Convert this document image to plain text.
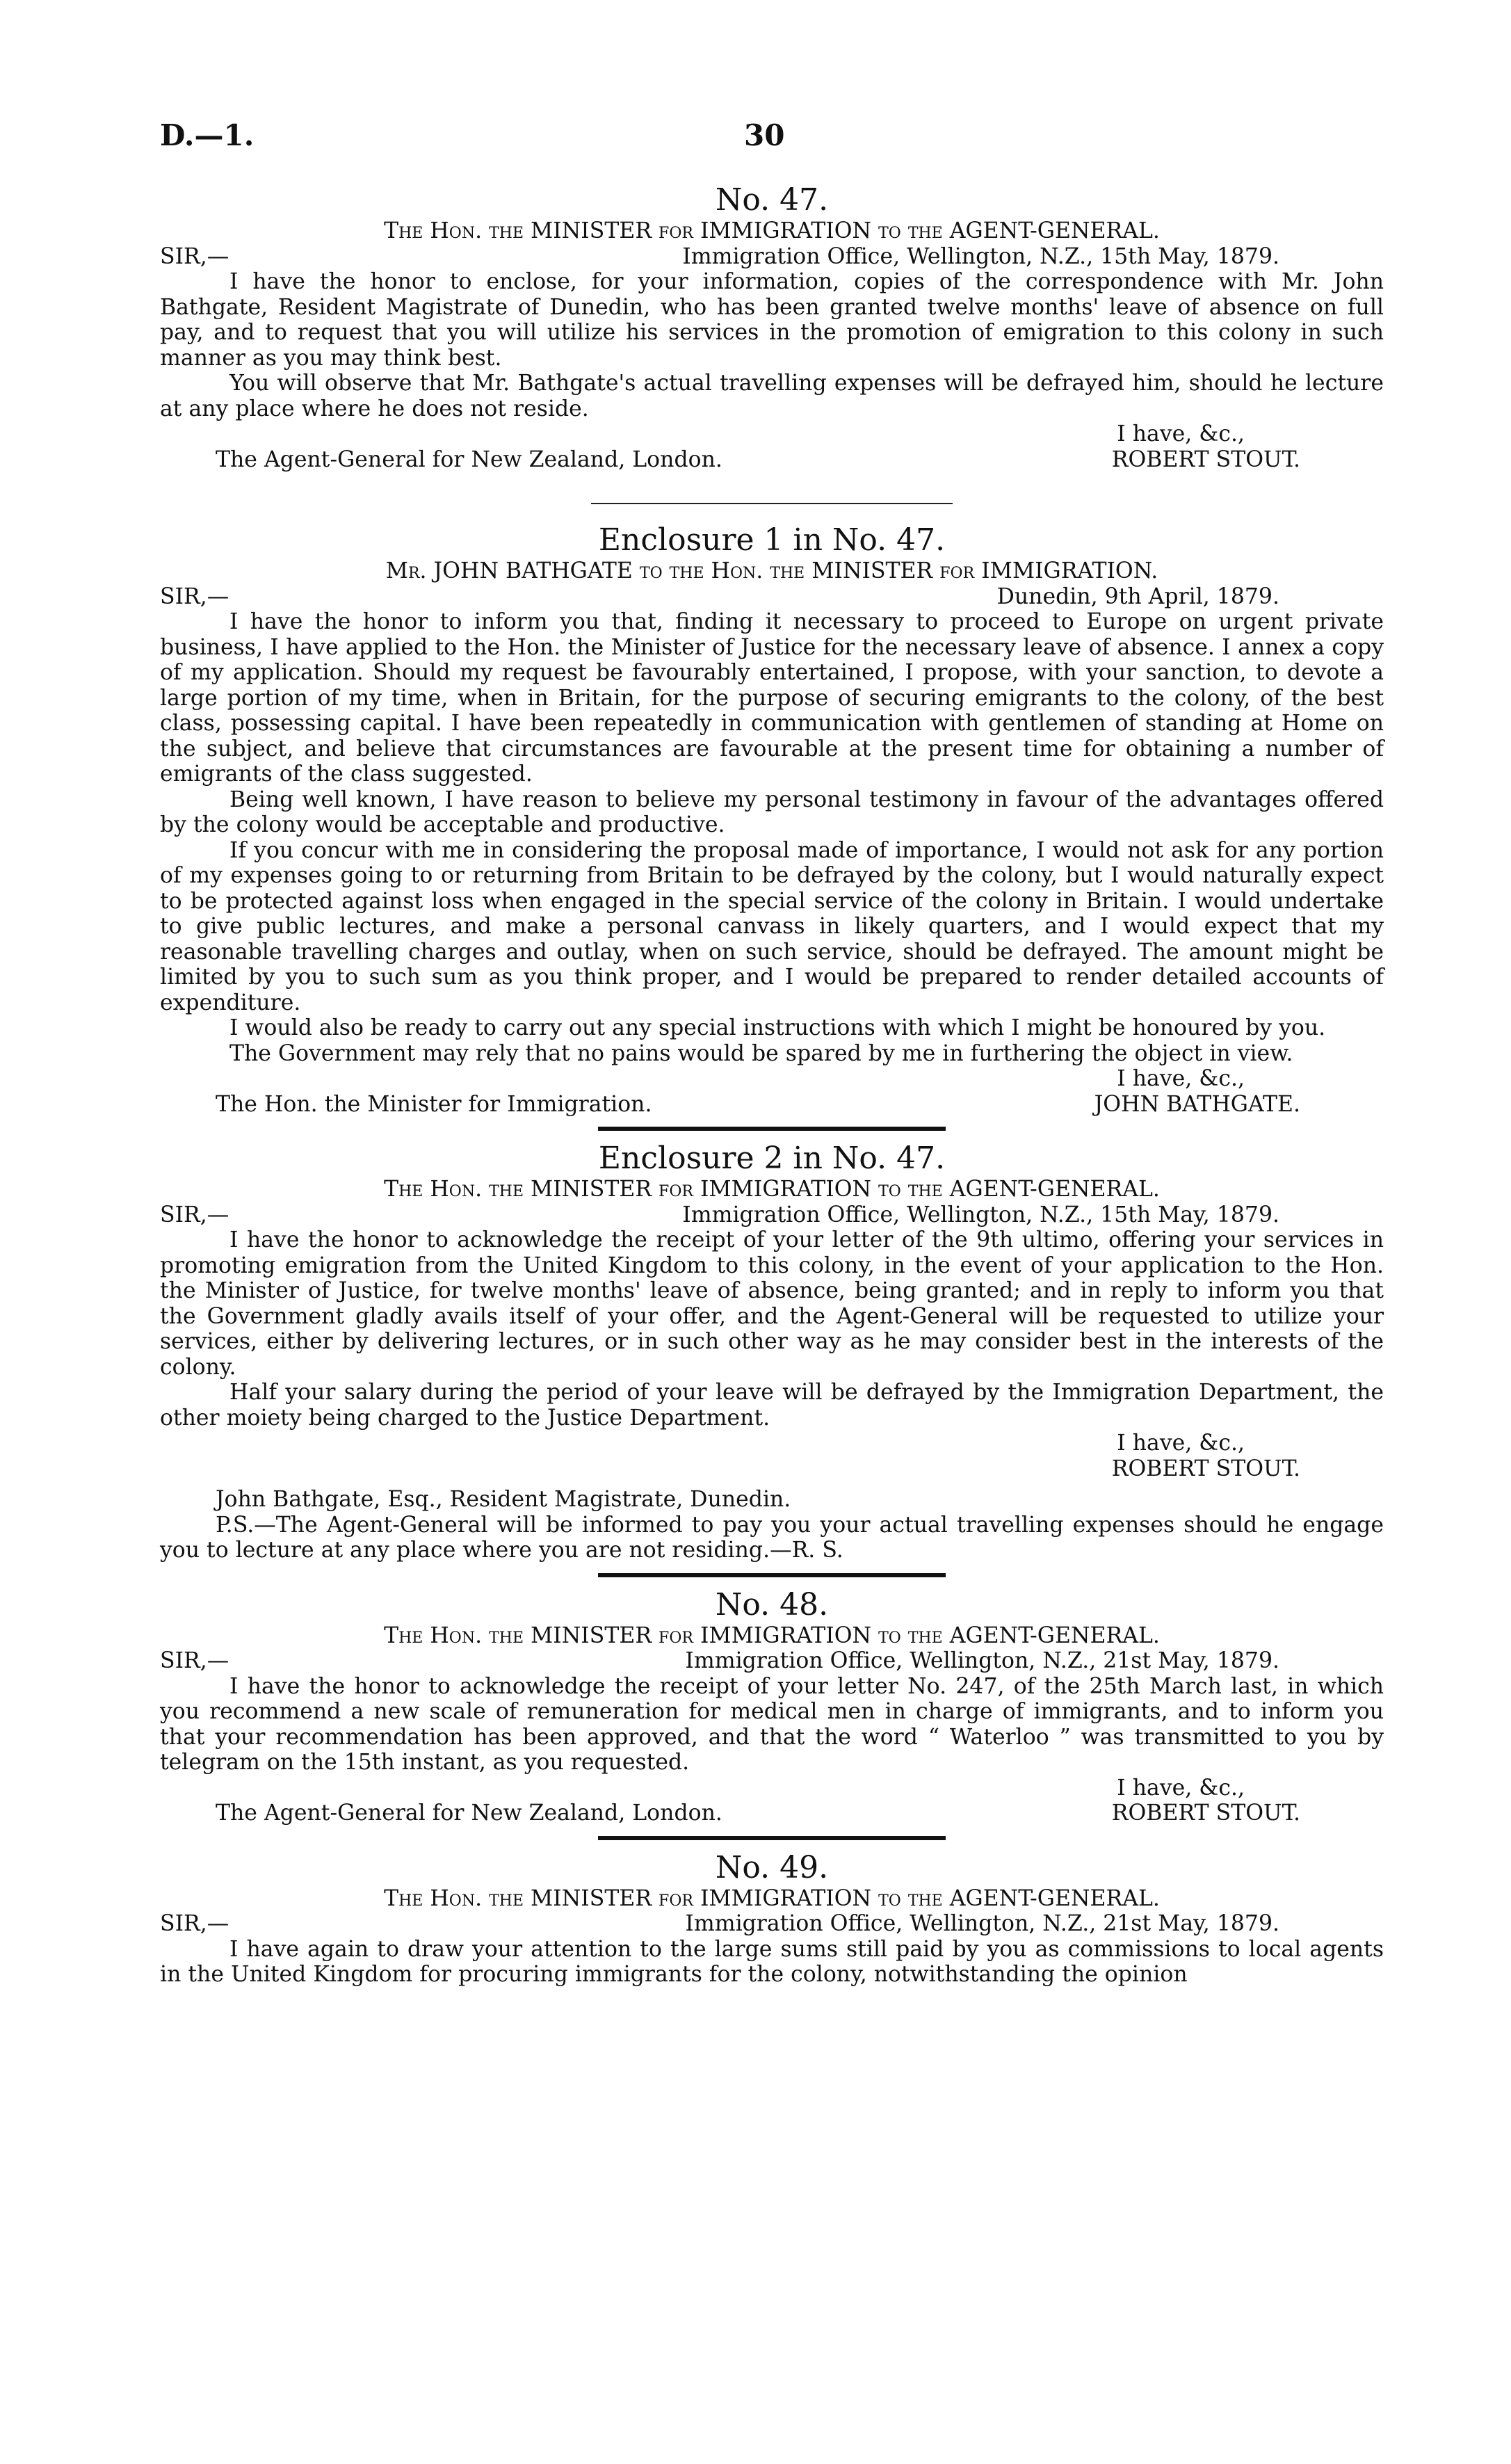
D.—1.	30

No. 47.

The Hon. the MINISTER for IMMIGRATION to the AGENT-GENERAL.

SIR,—	Immigration Office, Wellington, N.Z., 15th May, 1879.

I have the honor to enclose, for your information, copies of the correspondence with Mr. John Bathgate, Resident Magistrate of Dunedin, who has been granted twelve months' leave of absence on full pay, and to request that you will utilize his services in the promotion of emigration to this colony in such manner as you may think best.

You will observe that Mr. Bathgate's actual travelling expenses will be defrayed him, should he lecture at any place where he does not reside.

I have, &c.,

The Agent-General for New Zealand, London.	ROBERT STOUT.

Enclosure 1 in No. 47.

Mr. JOHN BATHGATE to the Hon. the MINISTER for IMMIGRATION.

SIR,—	Dunedin, 9th April, 1879.

I have the honor to inform you that, finding it necessary to proceed to Europe on urgent private business, I have applied to the Hon. the Minister of Justice for the necessary leave of absence. I annex a copy of my application. Should my request be favourably entertained, I propose, with your sanction, to devote a large portion of my time, when in Britain, for the purpose of securing emigrants to the colony, of the best class, possessing capital. I have been repeatedly in communication with gentlemen of standing at Home on the subject, and believe that circumstances are favourable at the present time for obtaining a number of emigrants of the class suggested.

Being well known, I have reason to believe my personal testimony in favour of the advantages offered by the colony would be acceptable and productive.

If you concur with me in considering the proposal made of importance, I would not ask for any portion of my expenses going to or returning from Britain to be defrayed by the colony, but I would naturally expect to be protected against loss when engaged in the special service of the colony in Britain. I would undertake to give public lectures, and make a personal canvass in likely quarters, and I would expect that my reasonable travelling charges and outlay, when on such service, should be defrayed. The amount might be limited by you to such sum as you think proper, and I would be prepared to render detailed accounts of expenditure.

I would also be ready to carry out any special instructions with which I might be honoured by you.

The Government may rely that no pains would be spared by me in furthering the object in view.

I have, &c.,

The Hon. the Minister for Immigration.	JOHN BATHGATE.

Enclosure 2 in No. 47.

The Hon. the MINISTER for IMMIGRATION to the AGENT-GENERAL.

SIR,—	Immigration Office, Wellington, N.Z., 15th May, 1879.

I have the honor to acknowledge the receipt of your letter of the 9th ultimo, offering your services in promoting emigration from the United Kingdom to this colony, in the event of your application to the Hon. the Minister of Justice, for twelve months' leave of absence, being granted; and in reply to inform you that the Government gladly avails itself of your offer, and the Agent-General will be requested to utilize your services, either by delivering lectures, or in such other way as he may consider best in the interests of the colony.

Half your salary during the period of your leave will be defrayed by the Immigration Department, the other moiety being charged to the Justice Department.

I have, &c.,

ROBERT STOUT.

John Bathgate, Esq., Resident Magistrate, Dunedin.

P.S.—The Agent-General will be informed to pay you your actual travelling expenses should he engage you to lecture at any place where you are not residing.—R. S.

No. 48.

The Hon. the MINISTER for IMMIGRATION to the AGENT-GENERAL.

SIR,—	Immigration Office, Wellington, N.Z., 21st May, 1879.

I have the honor to acknowledge the receipt of your letter No. 247, of the 25th March last, in which you recommend a new scale of remuneration for medical men in charge of immigrants, and to inform you that your recommendation has been approved, and that the word “ Waterloo ” was transmitted to you by telegram on the 15th instant, as you requested.

I have, &c.,

The Agent-General for New Zealand, London.	ROBERT STOUT.

No. 49.

The Hon. the MINISTER for IMMIGRATION to the AGENT-GENERAL.

SIR,—	Immigration Office, Wellington, N.Z., 21st May, 1879.

I have again to draw your attention to the large sums still paid by you as commissions to local agents in the United Kingdom for procuring immigrants for the colony, notwithstanding the opinion
